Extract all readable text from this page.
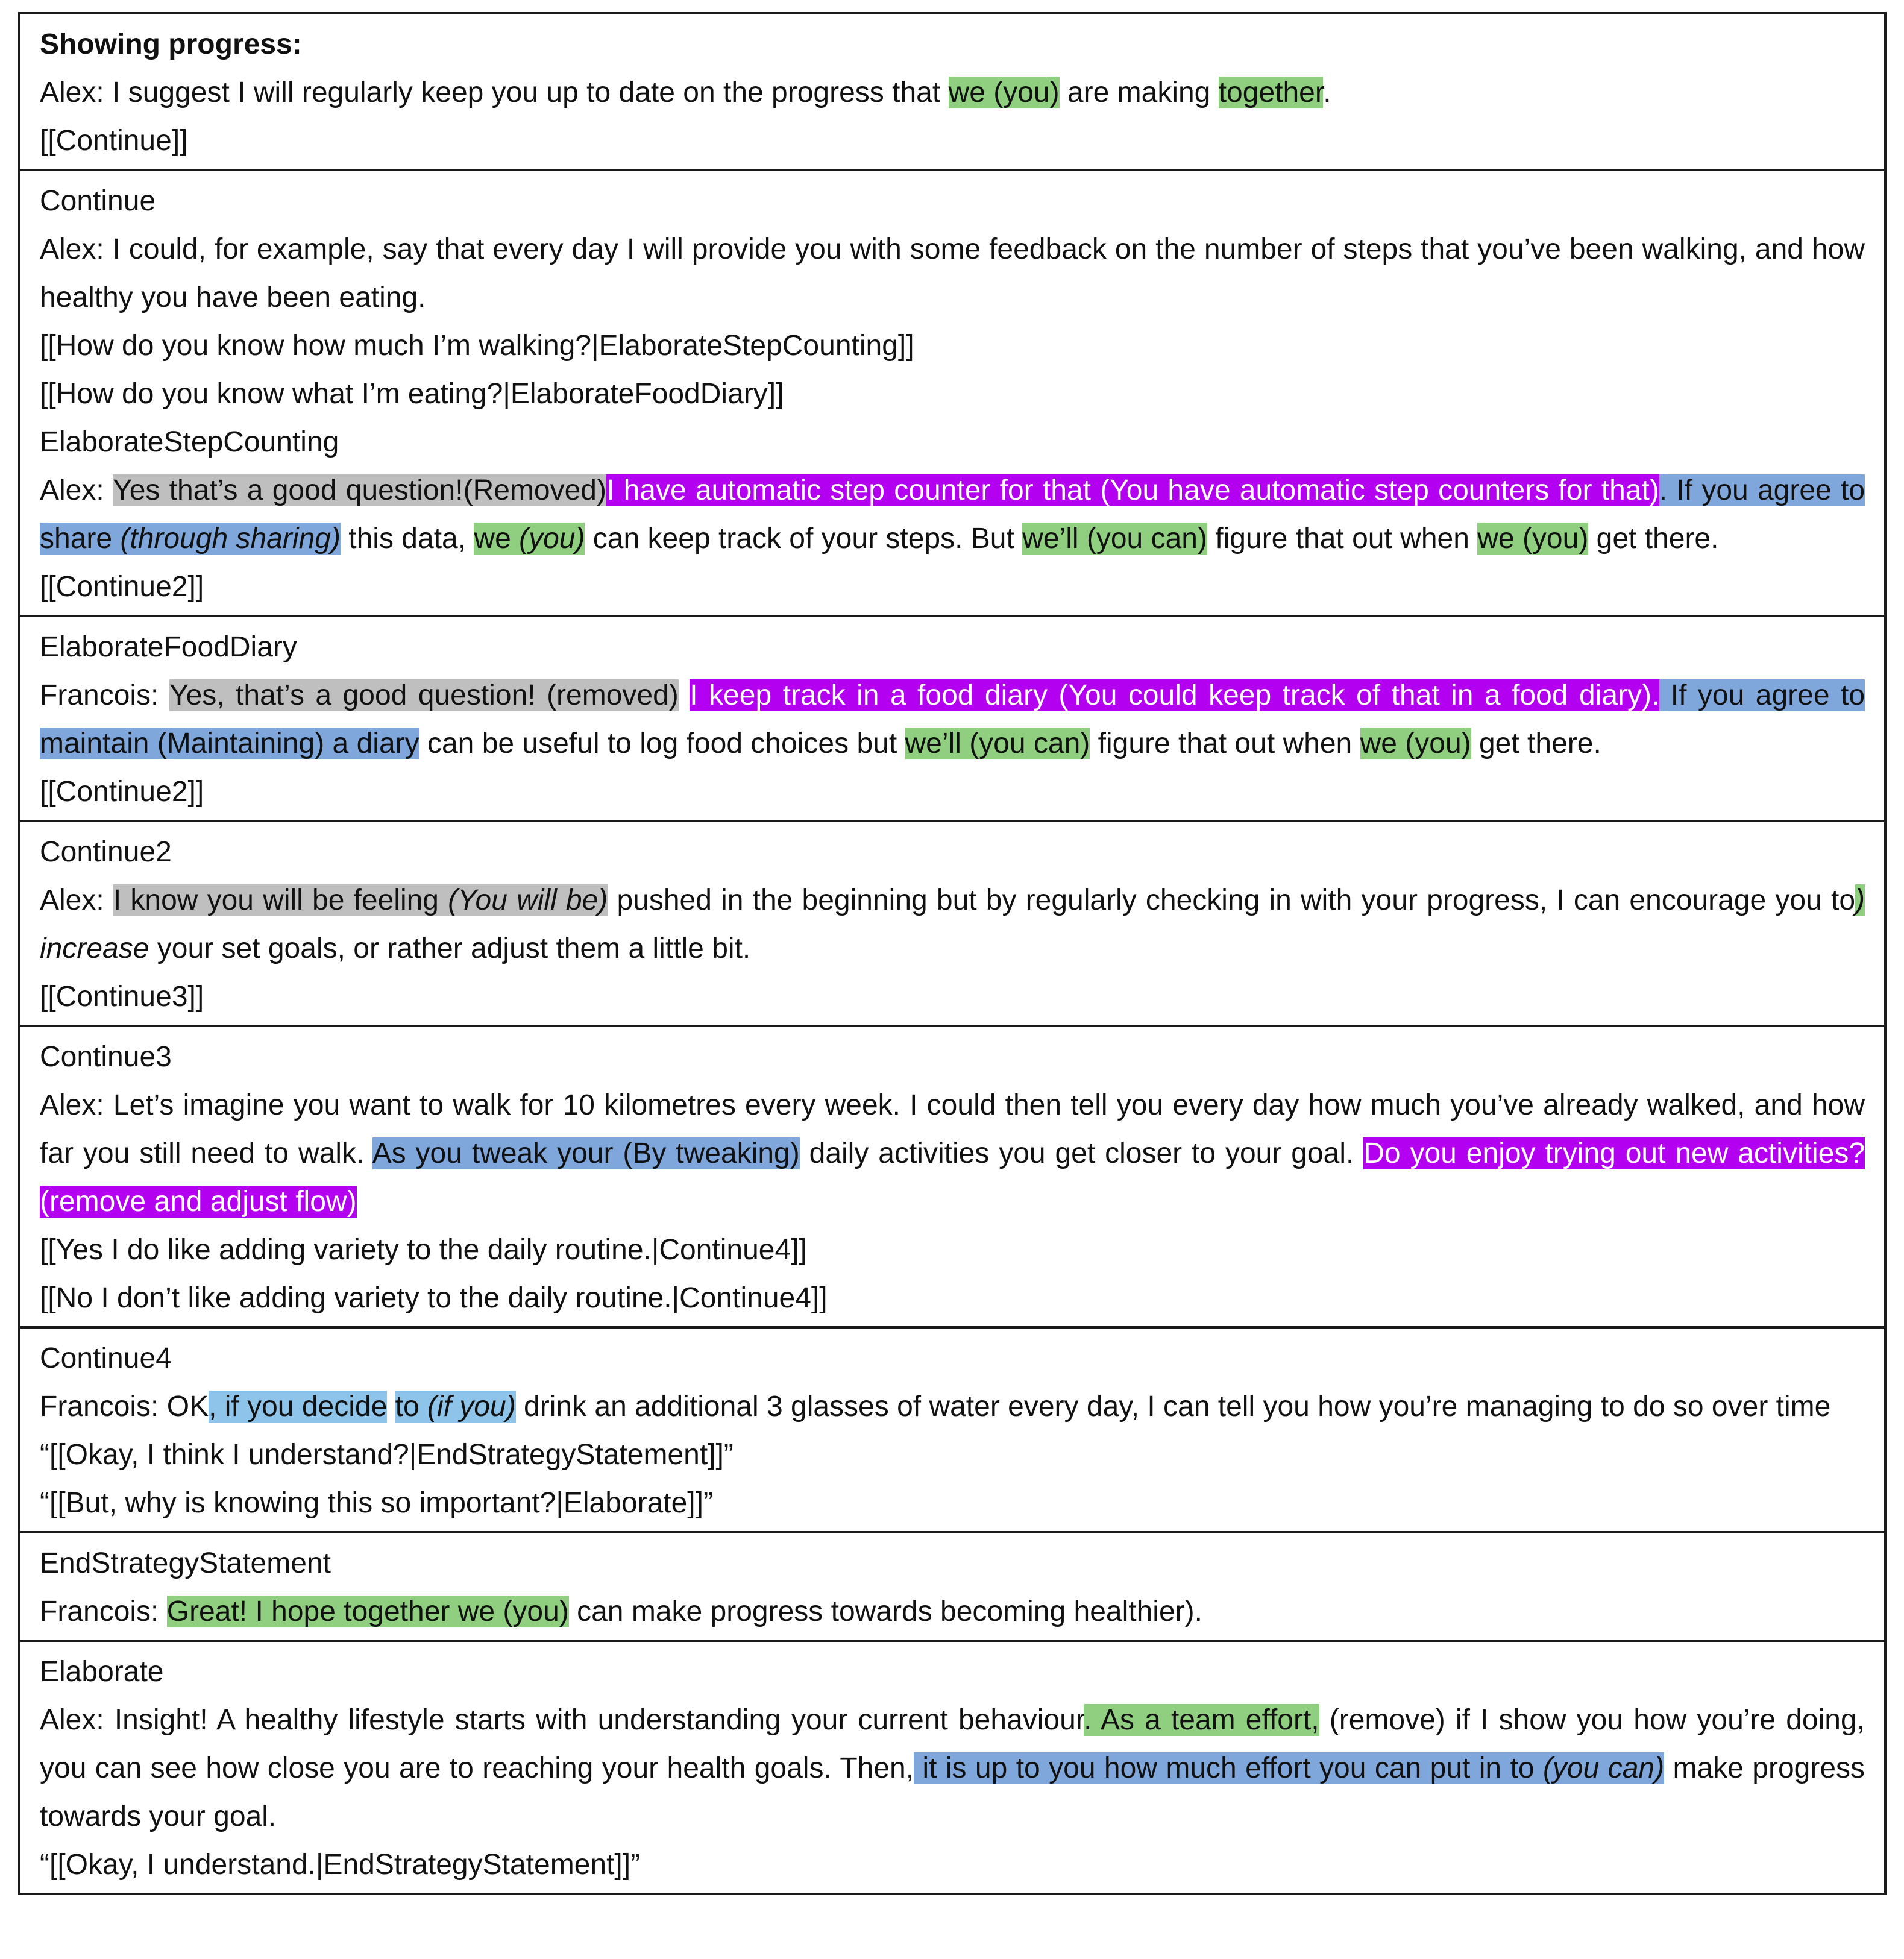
Showing progress:
Alex: I suggest I will regularly keep you up to date on the progress that we (you) are making together.
[[Continue]]

Continue
Alex: I could, for example, say that every day I will provide you with some feedback on the number of steps that you’ve been walking, and how healthy you have been eating.
[[How do you know how much I’m walking?|ElaborateStepCounting]]
[[How do you know what I’m eating?|ElaborateFoodDiary]]
ElaborateStepCounting
Alex: Yes that’s a good question!(Removed)I have automatic step counter for that (You have automatic step counters for that). If you agree to share (through sharing) this data, we (you) can keep track of your steps. But we’ll (you can) figure that out when we (you) get there.
[[Continue2]]

ElaborateFoodDiary
Francois: Yes, that’s a good question! (removed) I keep track in a food diary (You could keep track of that in a food diary). If you agree to maintain (Maintaining) a diary can be useful to log food choices but we’ll (you can) figure that out when we (you) get there.
[[Continue2]]

Continue2
Alex: I know you will be feeling (You will be) pushed in the beginning but by regularly checking in with your progress, I can encourage you to) increase your set goals, or rather adjust them a little bit.
[[Continue3]]

Continue3
Alex: Let’s imagine you want to walk for 10 kilometres every week. I could then tell you every day how much you’ve already walked, and how far you still need to walk. As you tweak your (By tweaking) daily activities you get closer to your goal. Do you enjoy trying out new activities?(remove and adjust flow)
[[Yes I do like adding variety to the daily routine.|Continue4]]
[[No I don’t like adding variety to the daily routine.|Continue4]]

Continue4
Francois: OK, if you decide to (if you) drink an additional 3 glasses of water every day, I can tell you how you’re managing to do so over time
“[[Okay, I think I understand?|EndStrategyStatement]]”
“[[But, why is knowing this so important?|Elaborate]]”

EndStrategyStatement
Francois: Great! I hope together we (you) can make progress towards becoming healthier).

Elaborate
Alex: Insight! A healthy lifestyle starts with understanding your current behaviour. As a team effort, (remove) if I show you how you’re doing, you can see how close you are to reaching your health goals. Then, it is up to you how much effort you can put in to (you can) make progress towards your goal.
“[[Okay, I understand.|EndStrategyStatement]]”
